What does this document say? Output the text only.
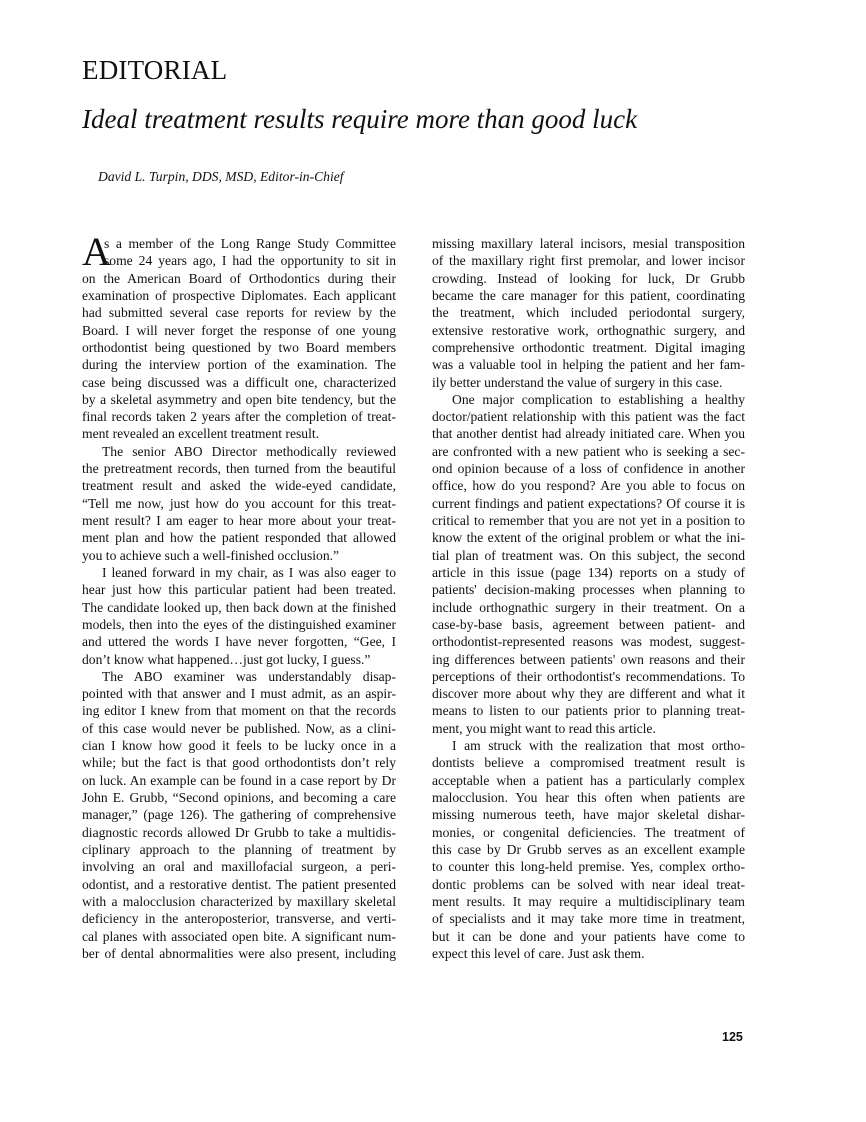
EDITORIAL
Ideal treatment results require more than good luck
David L. Turpin, DDS, MSD, Editor-in-Chief
A
s a member of the Long Range Study Committee
some 24 years ago, I had the opportunity to sit in
on the American Board of Orthodontics during their
examination of prospective Diplomates. Each applicant
had submitted several case reports for review by the
Board. I will never forget the response of one young
orthodontist being questioned by two Board members
during the interview portion of the examination. The
case being discussed was a difficult one, characterized
by a skeletal asymmetry and open bite tendency, but the
final records taken 2 years after the completion of treat-
ment revealed an excellent treatment result.
The senior ABO Director methodically reviewed
the pretreatment records, then turned from the beautiful
treatment result and asked the wide-eyed candidate,
“Tell me now, just how do you account for this treat-
ment result? I am eager to hear more about your treat-
ment plan and how the patient responded that allowed
you to achieve such a well-finished occlusion.”
I leaned forward in my chair, as I was also eager to
hear just how this particular patient had been treated.
The candidate looked up, then back down at the finished
models, then into the eyes of the distinguished examiner
and uttered the words I have never forgotten, “Gee, I
don’t know what happened…just got lucky, I guess.”
The ABO examiner was understandably disap-
pointed with that answer and I must admit, as an aspir-
ing editor I knew from that moment on that the records
of this case would never be published. Now, as a clini-
cian I know how good it feels to be lucky once in a
while; but the fact is that good orthodontists don’t rely
on luck. An example can be found in a case report by Dr
John E. Grubb, “Second opinions, and becoming a care
manager,” (page 126). The gathering of comprehensive
diagnostic records allowed Dr Grubb to take a multidis-
ciplinary approach to the planning of treatment by
involving an oral and maxillofacial surgeon, a peri-
odontist, and a restorative dentist. The patient presented
with a malocclusion characterized by maxillary skeletal
deficiency in the anteroposterior, transverse, and verti-
cal planes with associated open bite. A significant num-
ber of dental abnormalities were also present, including
missing maxillary lateral incisors, mesial transposition
of the maxillary right first premolar, and lower incisor
crowding. Instead of looking for luck, Dr Grubb
became the care manager for this patient, coordinating
the treatment, which included periodontal surgery,
extensive restorative work, orthognathic surgery, and
comprehensive orthodontic treatment. Digital imaging
was a valuable tool in helping the patient and her fam-
ily better understand the value of surgery in this case.
One major complication to establishing a healthy
doctor/patient relationship with this patient was the fact
that another dentist had already initiated care. When you
are confronted with a new patient who is seeking a sec-
ond opinion because of a loss of confidence in another
office, how do you respond? Are you able to focus on
current findings and patient expectations? Of course it is
critical to remember that you are not yet in a position to
know the extent of the original problem or what the ini-
tial plan of treatment was. On this subject, the second
article in this issue (page 134) reports on a study of
patients' decision-making processes when planning to
include orthognathic surgery in their treatment. On a
case-by-base basis, agreement between patient- and
orthodontist-represented reasons was modest, suggest-
ing differences between patients' own reasons and their
perceptions of their orthodontist's recommendations. To
discover more about why they are different and what it
means to listen to our patients prior to planning treat-
ment, you might want to read this article.
I am struck with the realization that most ortho-
dontists believe a compromised treatment result is
acceptable when a patient has a particularly complex
malocclusion. You hear this often when patients are
missing numerous teeth, have major skeletal dishar-
monies, or congenital deficiencies. The treatment of
this case by Dr Grubb serves as an excellent example
to counter this long-held premise. Yes, complex ortho-
dontic problems can be solved with near ideal treat-
ment results. It may require a multidisciplinary team
of specialists and it may take more time in treatment,
but it can be done and your patients have come to
expect this level of care. Just ask them.
125
